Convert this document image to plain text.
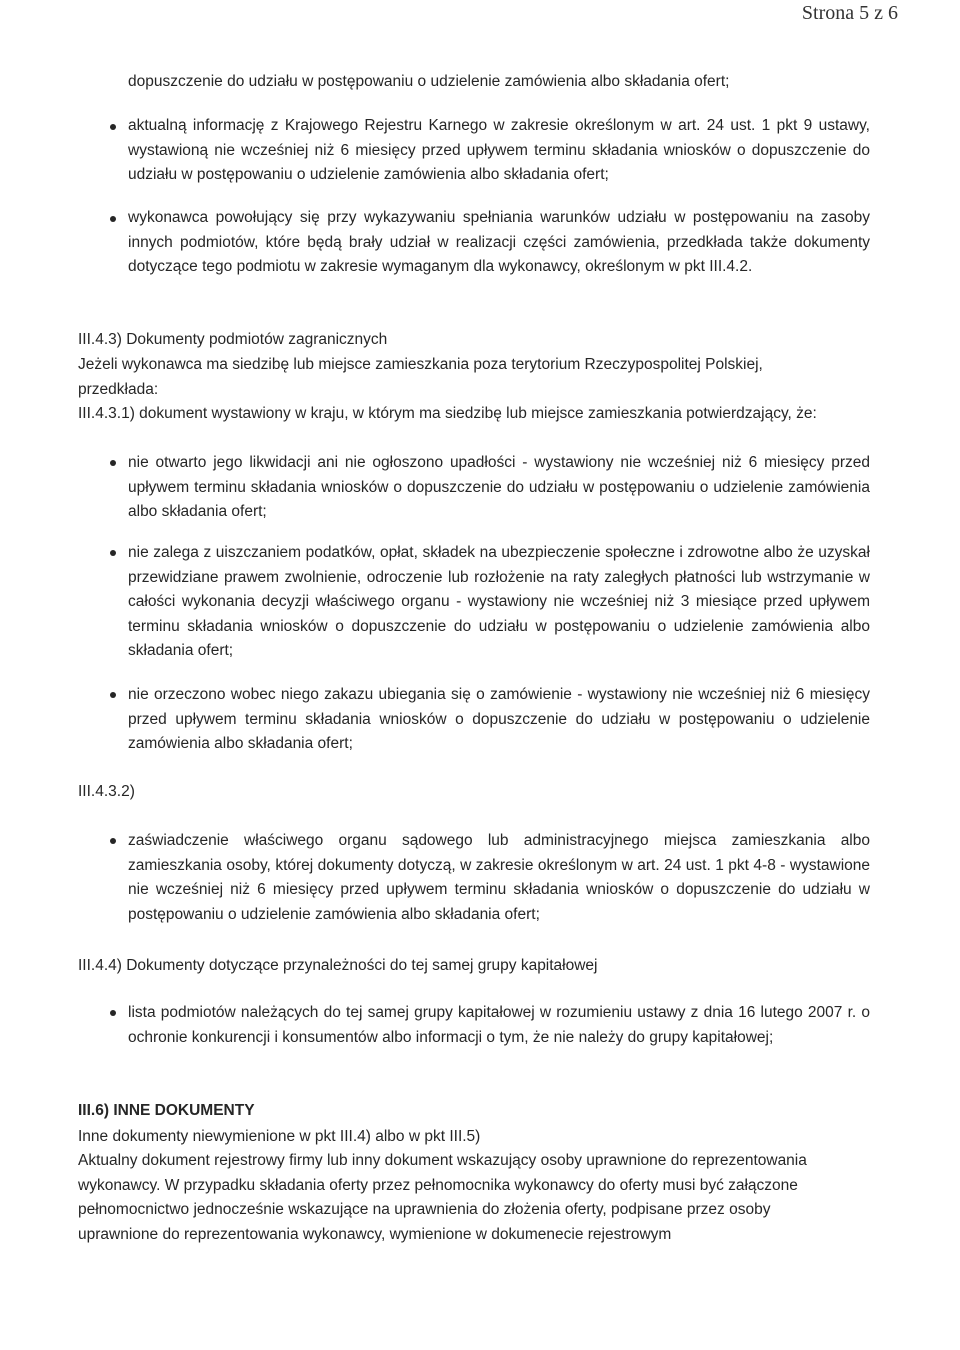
Strona 5 z 6
dopuszczenie do udziału w postępowaniu o udzielenie zamówienia albo składania ofert;
aktualną informację z Krajowego Rejestru Karnego w zakresie określonym w art. 24 ust. 1 pkt 9 ustawy, wystawioną nie wcześniej niż 6 miesięcy przed upływem terminu składania wniosków o dopuszczenie do udziału w postępowaniu o udzielenie zamówienia albo składania ofert;
wykonawca powołujący się przy wykazywaniu spełniania warunków udziału w postępowaniu na zasoby innych podmiotów, które będą brały udział w realizacji części zamówienia, przedkłada także dokumenty dotyczące tego podmiotu w zakresie wymaganym dla wykonawcy, określonym w pkt III.4.2.
III.4.3) Dokumenty podmiotów zagranicznych
Jeżeli wykonawca ma siedzibę lub miejsce zamieszkania poza terytorium Rzeczypospolitej Polskiej, przedkłada:
III.4.3.1) dokument wystawiony w kraju, w którym ma siedzibę lub miejsce zamieszkania potwierdzający, że:
nie otwarto jego likwidacji ani nie ogłoszono upadłości - wystawiony nie wcześniej niż 6 miesięcy przed upływem terminu składania wniosków o dopuszczenie do udziału w postępowaniu o udzielenie zamówienia albo składania ofert;
nie zalega z uiszczaniem podatków, opłat, składek na ubezpieczenie społeczne i zdrowotne albo że uzyskał przewidziane prawem zwolnienie, odroczenie lub rozłożenie na raty zaległych płatności lub wstrzymanie w całości wykonania decyzji właściwego organu - wystawiony nie wcześniej niż 3 miesiące przed upływem terminu składania wniosków o dopuszczenie do udziału w postępowaniu o udzielenie zamówienia albo składania ofert;
nie orzeczono wobec niego zakazu ubiegania się o zamówienie - wystawiony nie wcześniej niż 6 miesięcy przed upływem terminu składania wniosków o dopuszczenie do udziału w postępowaniu o udzielenie zamówienia albo składania ofert;
III.4.3.2)
zaświadczenie właściwego organu sądowego lub administracyjnego miejsca zamieszkania albo zamieszkania osoby, której dokumenty dotyczą, w zakresie określonym w art. 24 ust. 1 pkt 4-8 - wystawione nie wcześniej niż 6 miesięcy przed upływem terminu składania wniosków o dopuszczenie do udziału w postępowaniu o udzielenie zamówienia albo składania ofert;
III.4.4) Dokumenty dotyczące przynależności do tej samej grupy kapitałowej
lista podmiotów należących do tej samej grupy kapitałowej w rozumieniu ustawy z dnia 16 lutego 2007 r. o ochronie konkurencji i konsumentów albo informacji o tym, że nie należy do grupy kapitałowej;
III.6) INNE DOKUMENTY
Inne dokumenty niewymienione w pkt III.4) albo w pkt III.5)
Aktualny dokument rejestrowy firmy lub inny dokument wskazujący osoby uprawnione do reprezentowania wykonawcy. W przypadku składania oferty przez pełnomocnika wykonawcy do oferty musi być załączone pełnomocnictwo jednocześnie wskazujące na uprawnienia do złożenia oferty, podpisane przez osoby uprawnione do reprezentowania wykonawcy, wymienione w dokumenecie rejestrowym
